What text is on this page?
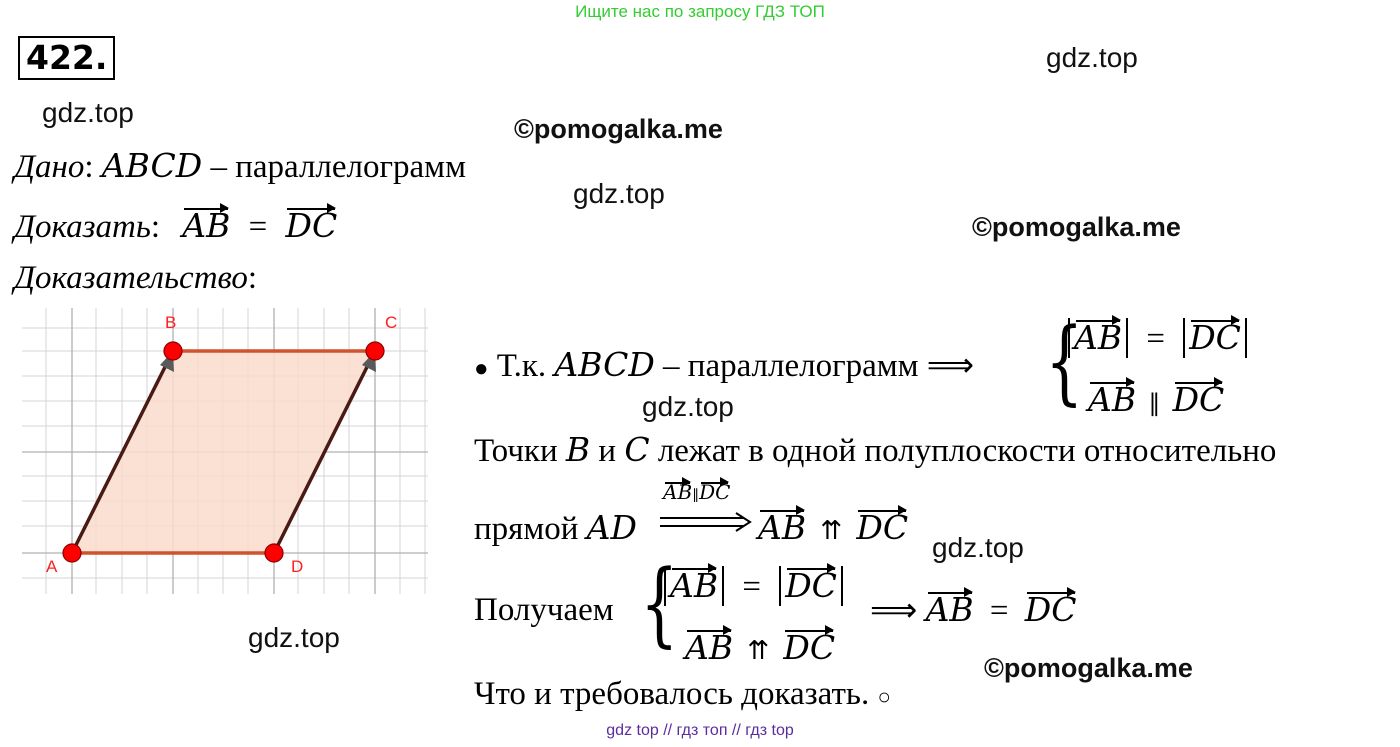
Ищите нас по запросу ГДЗ ТОП
422.	gdz.top
gdz.top
©pomogalka.me
gdz.top
©pomogalka.me
gdz.top
gdz.top
gdz.top
©pomogalka.me
Дано: ABCD – параллелограмм
Доказать: AB = DC
Доказательство:
A
B	C
D
● Т.к. ABCD – параллелограмм ⟹ {
AB = DC
AB ∥ DC
Точки B и C лежат в одной полуплоскости относительно
прямой AD
AB∥DC
AB ⇈ DC
Получаем {
AB = DC
AB ⇈ DC
⟹ AB = DC
Что и требовалось доказать. ○
gdz top // гдз топ // гдз top
